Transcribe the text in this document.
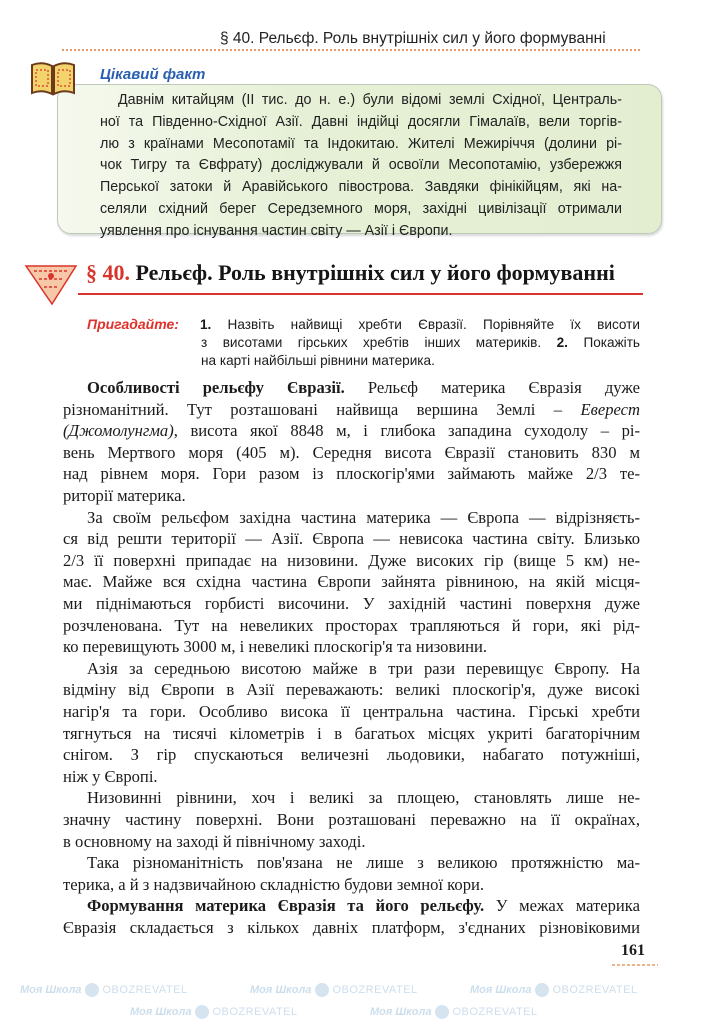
Моя Школа OBOZREVATEL	Моя Школа OBOZREVATEL	Моя Школа OBOZREVATEL
Моя Школа OBOZREVATEL	Моя Школа OBOZREVATEL
§ 40. Рельєф. Роль внутрішніх сил у його формуванні
Цікавий факт
Давнім китайцям (II тис. до н. е.) були відомі землі Східної, Централь-
ної та Південно-Східної Азії. Давні індійці досягли Гімалаїв, вели торгів-
лю з країнами Месопотамії та Індокитаю. Жителі Межиріччя (долини рі-
чок Тигру та Євфрату) досліджували й освоїли Месопотамію, узбережжя
Перської затоки й Аравійського півострова. Завдяки фінікійцям, які на-
селяли східний берег Середземного моря, західні цивілізації отримали
уявлення про існування частин світу — Азії і Європи.
§ 40. Рельєф. Роль внутрішніх сил у його формуванні
Пригадайте: 1. Назвіть найвищі хребти Євразії. Порівняйте їх висоти
з висотами гірських хребтів інших материків. 2. Покажіть
на карті найбільші рівнини материка.
Особливості рельєфу Євразії. Рельєф материка Євразія дуже
різноманітний. Тут розташовані найвища вершина Землі – Еверест
(Джомолунгма), висота якої 8848 м, і глибока западина суходолу – рі-
вень Мертвого моря (405 м). Середня висота Євразії становить 830 м
над рівнем моря. Гори разом із плоскогір'ями займають майже 2/3 те-
риторії материка.
За своїм рельєфом західна частина материка — Європа — відрізняєть-
ся від решти території — Азії. Європа — невисока частина світу. Близько
2/3 її поверхні припадає на низовини. Дуже високих гір (вище 5 км) не-
має. Майже вся східна частина Європи зайнята рівниною, на якій місця-
ми піднімаються горбисті височини. У західній частині поверхня дуже
розчленована. Тут на невеликих просторах трапляються й гори, які рід-
ко перевищують 3000 м, і невеликі плоскогір'я та низовини.
Азія за середньою висотою майже в три рази перевищує Європу. На
відміну від Європи в Азії переважають: великі плоскогір'я, дуже високі
нагір'я та гори. Особливо висока її центральна частина. Гірські хребти
тягнуться на тисячі кілометрів і в багатьох місцях укриті багаторічним
снігом. З гір спускаються величезні льодовики, набагато потужніші,
ніж у Європі.
Низовинні рівнини, хоч і великі за площею, становлять лише не-
значну частину поверхні. Вони розташовані переважно на її окраїнах,
в основному на заході й північному заході.
Така різноманітність пов'язана не лише з великою протяжністю ма-
терика, а й з надзвичайною складністю будови земної кори.
Формування материка Євразія та його рельєфу. У межах материка
Євразія складається з кількох давніх платформ, з'єднаних різновіковими
161
